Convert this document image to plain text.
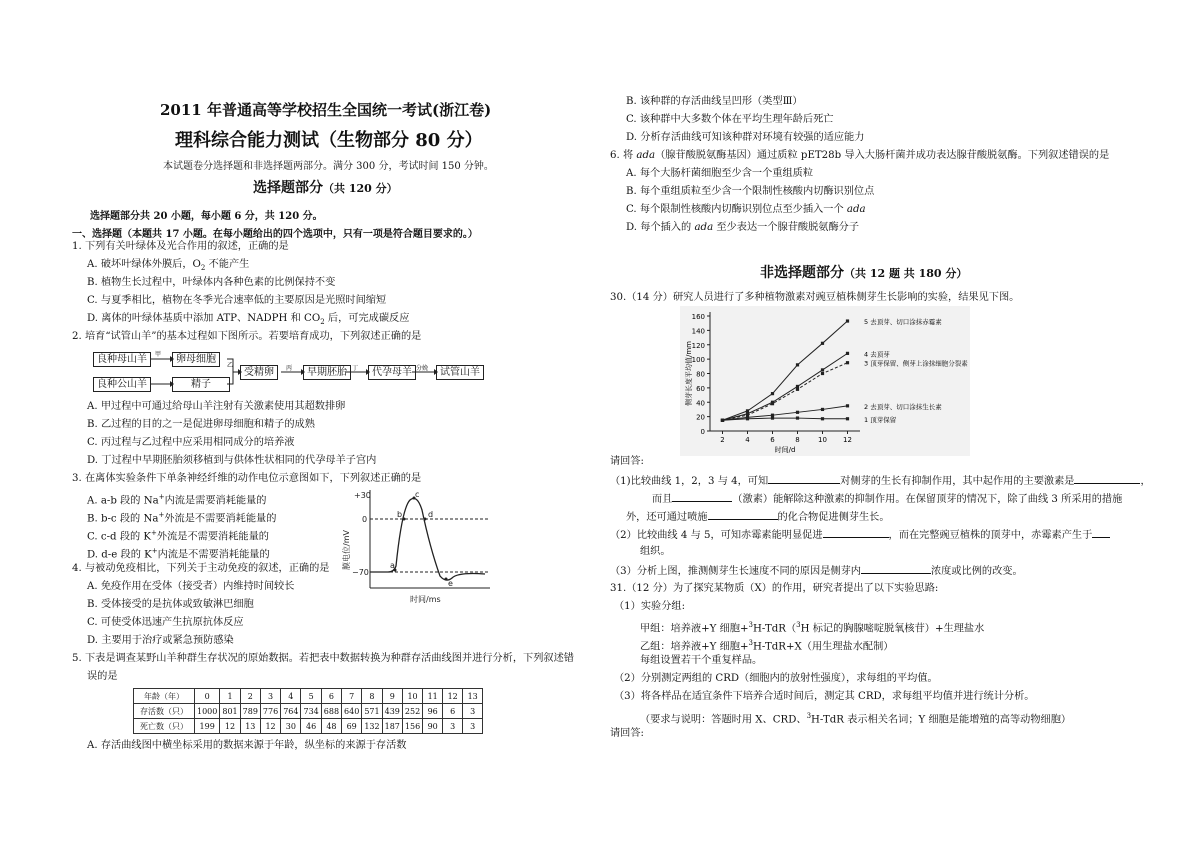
2011 年普通高等学校招生全国统一考试(浙江卷)
理科综合能力测试（生物部分 80 分）
本试题卷分选择题和非选择题两部分。满分 300 分，考试时间 150 分钟。
选择题部分（共 120 分）
选择题部分共 20 小题，每小题 6 分，共 120 分。
一、选择题（本题共 17 小题。在每小题给出的四个选项中，只有一项是符合题目要求的。）
1. 下列有关叶绿体及光合作用的叙述，正确的是
A. 破坏叶绿体外膜后，$O_2$ 不能产生
B. 植物生长过程中，叶绿体内各种色素的比例保持不变
C. 与夏季相比，植物在冬季光合速率低的主要原因是光照时间缩短
D. 离体的叶绿体基质中添加 ATP、NADPH 和 $CO_2$ 后，可完成碳反应
2. 培育“试管山羊”的基本过程如下图所示。若要培育成功，下列叙述正确的是
良种母山羊	卵母细胞
良种公山羊	精子
受精卵	早期胚胎	代孕母羊	试管山羊
甲
乙	丙	丁	分娩
A. 甲过程中可通过给母山羊注射有关激素使用其超数排卵
B. 乙过程的目的之一是促进卵母细胞和精子的成熟
C. 丙过程与乙过程中应采用相同成分的培养液
D. 丁过程中早期胚胎须移植到与供体性状相同的代孕母羊子宫内
3. 在离体实验条件下单条神经纤维的动作电位示意图如下，下列叙述正确的是
A. a-b 段的 Na+内流是需要消耗能量的
B. b-c 段的 Na+外流是不需要消耗能量的
C. c-d 段的 K+外流是不需要消耗能量的
D. d-e 段的 K+内流是不需要消耗能量的
+30
0
−70
a
b
c
d
e
时间/ms
膜电位/mV
4. 与被动免疫相比，下列关于主动免疫的叙述，正确的是
A. 免疫作用在受体（接受者）内维持时间较长
B. 受体接受的是抗体或致敏淋巴细胞
C. 可使受体迅速产生抗原抗体反应
D. 主要用于治疗或紧急预防感染
5. 下表是调查某野山羊种群生存状况的原始数据。若把表中数据转换为种群存活曲线图并进行分析，下列叙述错
误的是
年龄（年）	0	1	2	3	4	5	6	7	8	9	10	11	12	13
存活数（只）	1000	801	789	776	764	734	688	640	571	439	252	96	6	3
死亡数（只）	199	12	13	12	30	46	48	69	132	187	156	90	3	3
A. 存活曲线图中横坐标采用的数据来源于年龄，纵坐标的来源于存活数
B. 该种群的存活曲线呈凹形（类型Ⅲ）
C. 该种群中大多数个体在平均生理年龄后死亡
D. 分析存活曲线可知该种群对环境有较强的适应能力
6. 将 ada（腺苷酸脱氨酶基因）通过质粒 pET28b 导入大肠杆菌并成功表达腺苷酸脱氨酶。下列叙述错误的是
A. 每个大肠杆菌细胞至少含一个重组质粒
B. 每个重组质粒至少含一个限制性核酸内切酶识别位点
C. 每个限制性核酸内切酶识别位点至少插入一个 ada
D. 每个插入的 ada 至少表达一个腺苷酸脱氨酶分子
非选择题部分（共 12 题 共 180 分）
30.（14 分）研究人员进行了多种植物激素对豌豆植株侧芽生长影响的实验，结果见下图。
0
20
40
60
80
100
120
140
160
2	4	6	8	10 12
时间/d
侧芽长度平均值/mm
5 去顶芽、切口涂抹赤霉素
4 去顶芽
3 顶芽保留、侧芽上涂抹细胞分裂素
2 去顶芽、切口涂抹生长素
1 顶芽保留
请回答:
（1)比较曲线 1，2，3 与 4，可知	对侧芽的生长有抑制作用，其中起作用的主要激素是	，
而且	（激素）能解除这种激素的抑制作用。在保留顶芽的情况下，除了曲线 3 所采用的措施
外，还可通过喷施	的化合物促进侧芽生长。
（2）比较曲线 4 与 5，可知赤霉素能明显促进	，而在完整豌豆植株的顶芽中，赤霉素产生于
组织。
（3）分析上图，推测侧芽生长速度不同的原因是侧芽内	浓度或比例的改变。
31.（12 分）为了探究某物质（X）的作用，研究者提出了以下实验思路:
（1）实验分组:
甲组：培养液+Y 细胞+$^3$H-TdR（$^3$H 标记的胸腺嘧啶脱氧核苷）+生理盐水
乙组：培养液+Y 细胞+$^3$H-TdR+X（用生理盐水配制）
每组设置若干个重复样品。
（2）分别测定两组的 CRD（细胞内的放射性强度），求每组的平均值。
（3）将各样品在适宜条件下培养合适时间后，测定其 CRD，求每组平均值并进行统计分析。
（要求与说明：答题时用 X、CRD、$^3$H-TdR 表示相关名词；Y 细胞是能增殖的高等动物细胞）
请回答:
